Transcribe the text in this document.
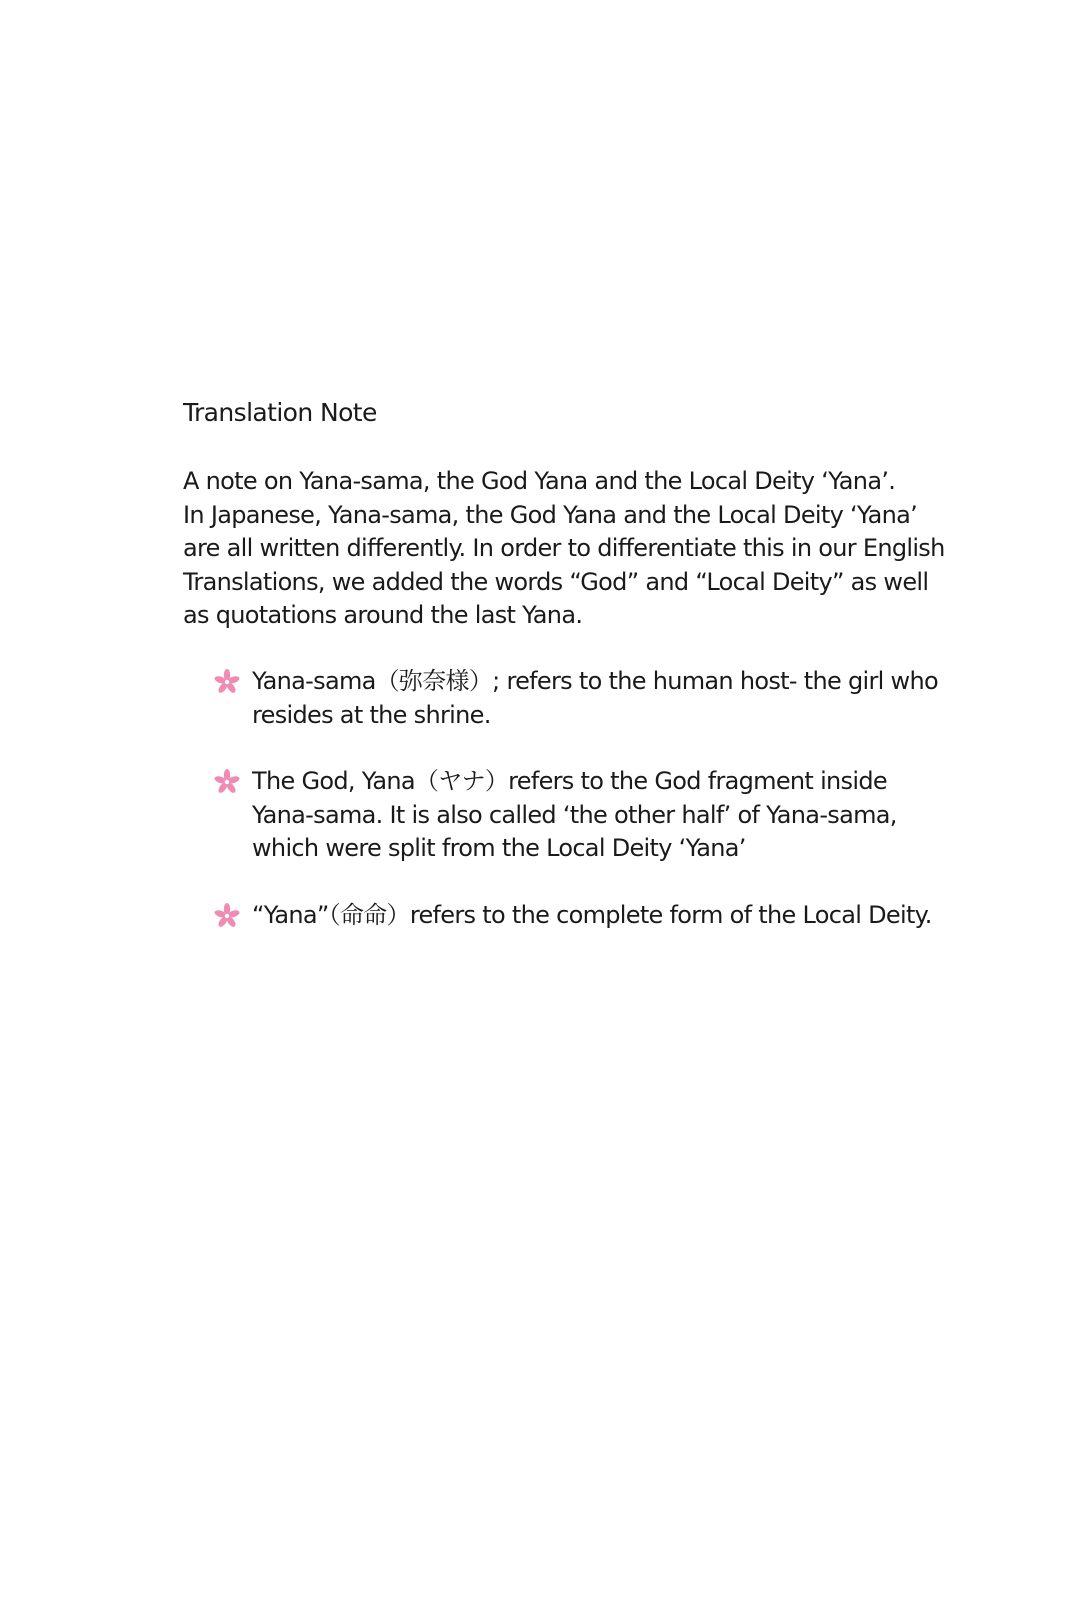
Translation Note
A note on Yana-sama, the God Yana and the Local Deity ‘Yana’.
In Japanese, Yana-sama, the God Yana and the Local Deity ‘Yana’
are all written differently. In order to differentiate this in our English
Translations, we added the words “God” and “Local Deity” as well
as quotations around the last Yana.
Yana-sama（弥奈様）; refers to the human host- the girl who
resides at the shrine.
The God, Yana（ヤナ）refers to the God fragment inside
Yana-sama. It is also called ‘the other half’ of Yana-sama,
which were split from the Local Deity ‘Yana’
“Yana”（命命）refers to the complete form of the Local Deity.
